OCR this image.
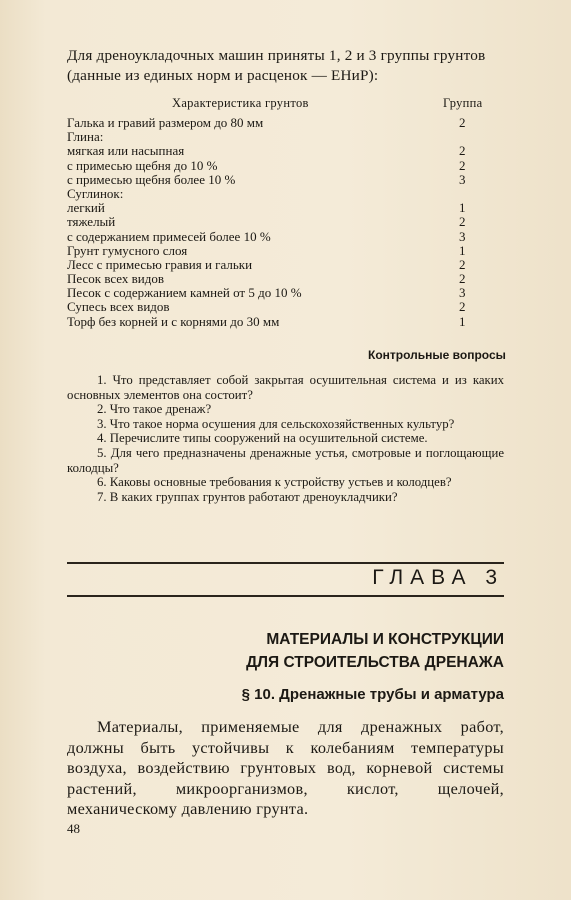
Для дреноукладочных машин приняты 1, 2 и 3 группы грунтов (данные из единых норм и расценок — ЕНиР):
Характеристика грунтов	Группа
Галька и гравий размером до 80 мм	2
Глина:
мягкая или насыпная	2
с примесью щебня до 10 %	2
с примесью щебня более 10 %	3
Суглинок:
легкий	1
тяжелый	2
с содержанием примесей более 10 %	3
Грунт гумусного слоя	1
Лесс с примесью гравия и гальки	2
Песок всех видов	2
Песок с содержанием камней от 5 до 10 %	3
Супесь всех видов	2
Торф без корней и с корнями до 30 мм	1
Контрольные вопросы

1. Что представляет собой закрытая осушительная система и из каких основных элементов она состоит?

2. Что такое дренаж?

3. Что такое норма осушения для сельскохозяйственных культур?

4. Перечислите типы сооружений на осушительной системе.

5. Для чего предназначены дренажные устья, смотровые и поглощающие колодцы?

6. Каковы основные требования к устройству устьев и колодцев?

7. В каких группах грунтов работают дреноукладчики?

ГЛАВА 3
МАТЕРИАЛЫ И КОНСТРУКЦИИ
ДЛЯ СТРОИТЕЛЬСТВА ДРЕНАЖА
§ 10. Дренажные трубы и арматура

Материалы, применяемые для дренажных работ, должны быть устойчивы к колебаниям температуры воздуха, воздействию грунтовых вод, корневой системы растений, микроорганизмов, кислот, щелочей, механическому давлению грунта.

48
